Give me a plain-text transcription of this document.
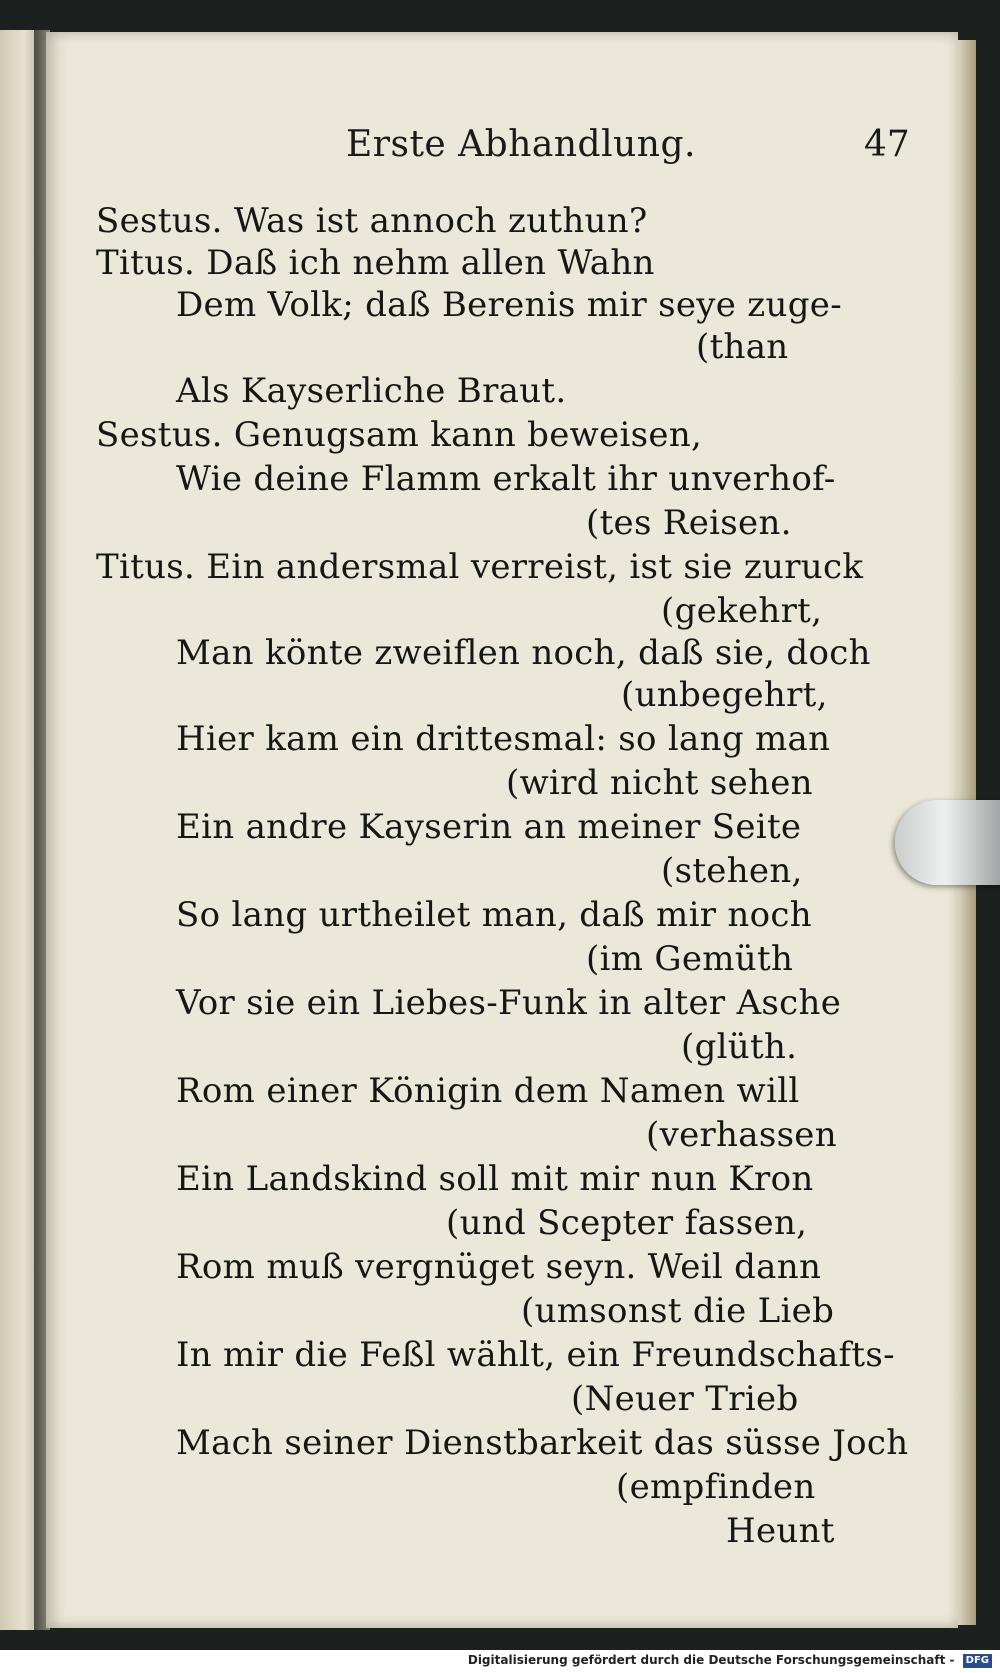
Erste Abhandlung.	47
Sestus. Was ist annoch zuthun?
Titus. Daß ich nehm allen Wahn
Dem Volk; daß Berenis mir seye zuge-
(than
Als Kayserliche Braut.
Sestus. Genugsam kann beweisen,
Wie deine Flamm erkalt ihr unverhof-
(tes Reisen.
Titus. Ein andersmal verreist, ist sie zuruck
(gekehrt,
Man könte zweiflen noch, daß sie, doch
(unbegehrt,
Hier kam ein drittesmal: so lang man
(wird nicht sehen
Ein andre Kayserin an meiner Seite
(stehen,
So lang urtheilet man, daß mir noch
(im Gemüth
Vor sie ein Liebes-Funk in alter Asche
(glüth.
Rom einer Königin dem Namen will
(verhassen
Ein Landskind soll mit mir nun Kron
(und Scepter fassen,
Rom muß vergnüget seyn. Weil dann
(umsonst die Lieb
In mir die Feßl wählt, ein Freundschafts-
(Neuer Trieb
Mach seiner Dienstbarkeit das süsse Joch
(empfinden
Heunt
Digitalisierung gefördert durch die Deutsche Forschungsgemeinschaft - DFG
